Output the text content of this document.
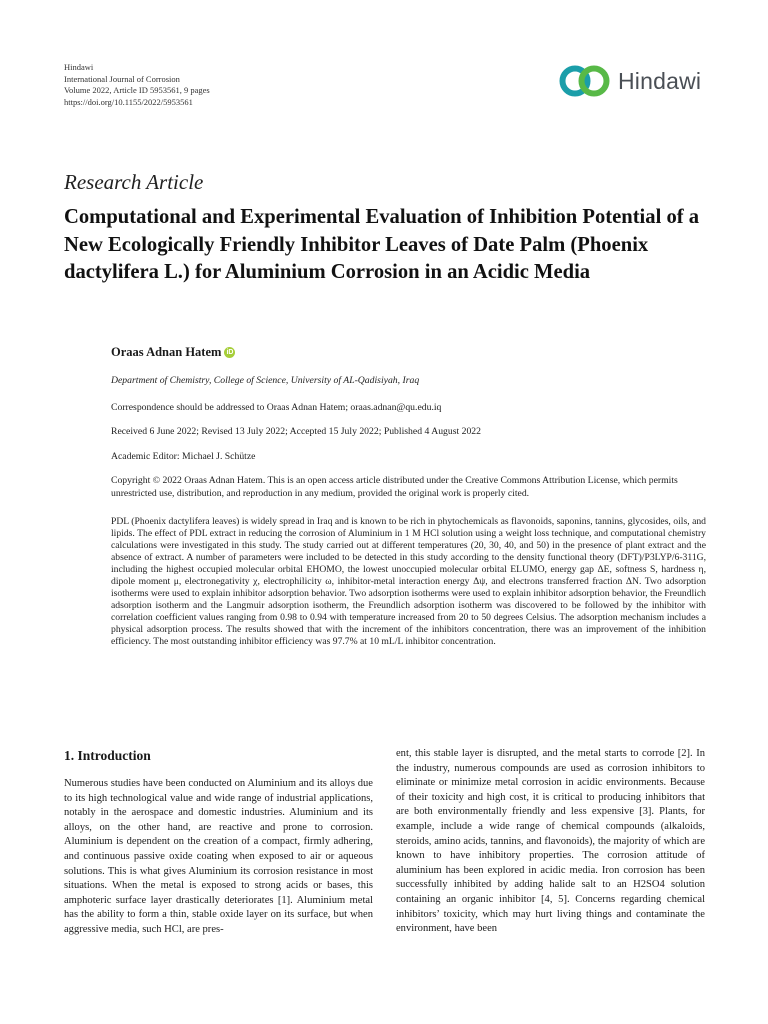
Hindawi
International Journal of Corrosion
Volume 2022, Article ID 5953561, 9 pages
https://doi.org/10.1155/2022/5953561
Hindawi
Research Article
Computational and Experimental Evaluation of Inhibition Potential of a New Ecologically Friendly Inhibitor Leaves of Date Palm (Phoenix dactylifera L.) for Aluminium Corrosion in an Acidic Media
Oraas Adnan Hatem iD
Department of Chemistry, College of Science, University of AL-Qadisiyah, Iraq
Correspondence should be addressed to Oraas Adnan Hatem; oraas.adnan@qu.edu.iq
Received 6 June 2022; Revised 13 July 2022; Accepted 15 July 2022; Published 4 August 2022
Academic Editor: Michael J. Schütze
Copyright © 2022 Oraas Adnan Hatem. This is an open access article distributed under the Creative Commons Attribution License, which permits unrestricted use, distribution, and reproduction in any medium, provided the original work is properly cited.
PDL (Phoenix dactylifera leaves) is widely spread in Iraq and is known to be rich in phytochemicals as flavonoids, saponins, tannins, glycosides, oils, and lipids. The effect of PDL extract in reducing the corrosion of Aluminium in 1 M HCl solution using a weight loss technique, and computational chemistry calculations were investigated in this study. The study carried out at different temperatures (20, 30, 40, and 50) in the presence of plant extract and the absence of extract. A number of parameters were included to be detected in this study according to the density functional theory (DFT)/P3LYP/6-311G, including the highest occupied molecular orbital EHOMO, the lowest unoccupied molecular orbital ELUMO, energy gap ΔE, softness S, hardness η, dipole moment μ, electronegativity χ, electrophilicity ω, inhibitor-metal interaction energy Δψ, and electrons transferred fraction ΔN. Two adsorption isotherms were used to explain inhibitor adsorption behavior. Two adsorption isotherms were used to explain inhibitor adsorption behavior, the Freundlich adsorption isotherm and the Langmuir adsorption isotherm, the Freundlich adsorption isotherm was discovered to be followed by the inhibitor with correlation coefficient values ranging from 0.98 to 0.94 with temperature increased from 20 to 50 degrees Celsius. The adsorption mechanism includes a physical adsorption process. The results showed that with the increment of the inhibitors concentration, there was an improvement of the inhibition efficiency. The most outstanding inhibitor efficiency was 97.7% at 10 mL/L inhibitor concentration.
1. Introduction

Numerous studies have been conducted on Aluminium and its alloys due to its high technological value and wide range of industrial applications, notably in the aerospace and domestic industries. Aluminium and its alloys, on the other hand, are reactive and prone to corrosion. Aluminium is dependent on the creation of a compact, firmly adhering, and continuous passive oxide coating when exposed to air or aqueous solutions. This is what gives Aluminium its corrosion resistance in most situations. When the metal is exposed to strong acids or bases, this amphoteric surface layer drastically deteriorates [1]. Aluminium metal has the ability to form a thin, stable oxide layer on its surface, but when aggressive media, such HCl, are pres-

ent, this stable layer is disrupted, and the metal starts to corrode [2]. In the industry, numerous compounds are used as corrosion inhibitors to eliminate or minimize metal corrosion in acidic environments. Because of their toxicity and high cost, it is critical to producing inhibitors that are both environmentally friendly and less expensive [3]. Plants, for example, include a wide range of chemical compounds (alkaloids, steroids, amino acids, tannins, and flavonoids), the majority of which are known to have inhibitory properties. The corrosion attitude of aluminium has been explored in acidic media. Iron corrosion has been successfully inhibited by adding halide salt to an H2SO4 solution containing an organic inhibitor [4, 5]. Concerns regarding chemical inhibitors’ toxicity, which may hurt living things and contaminate the environment, have been
